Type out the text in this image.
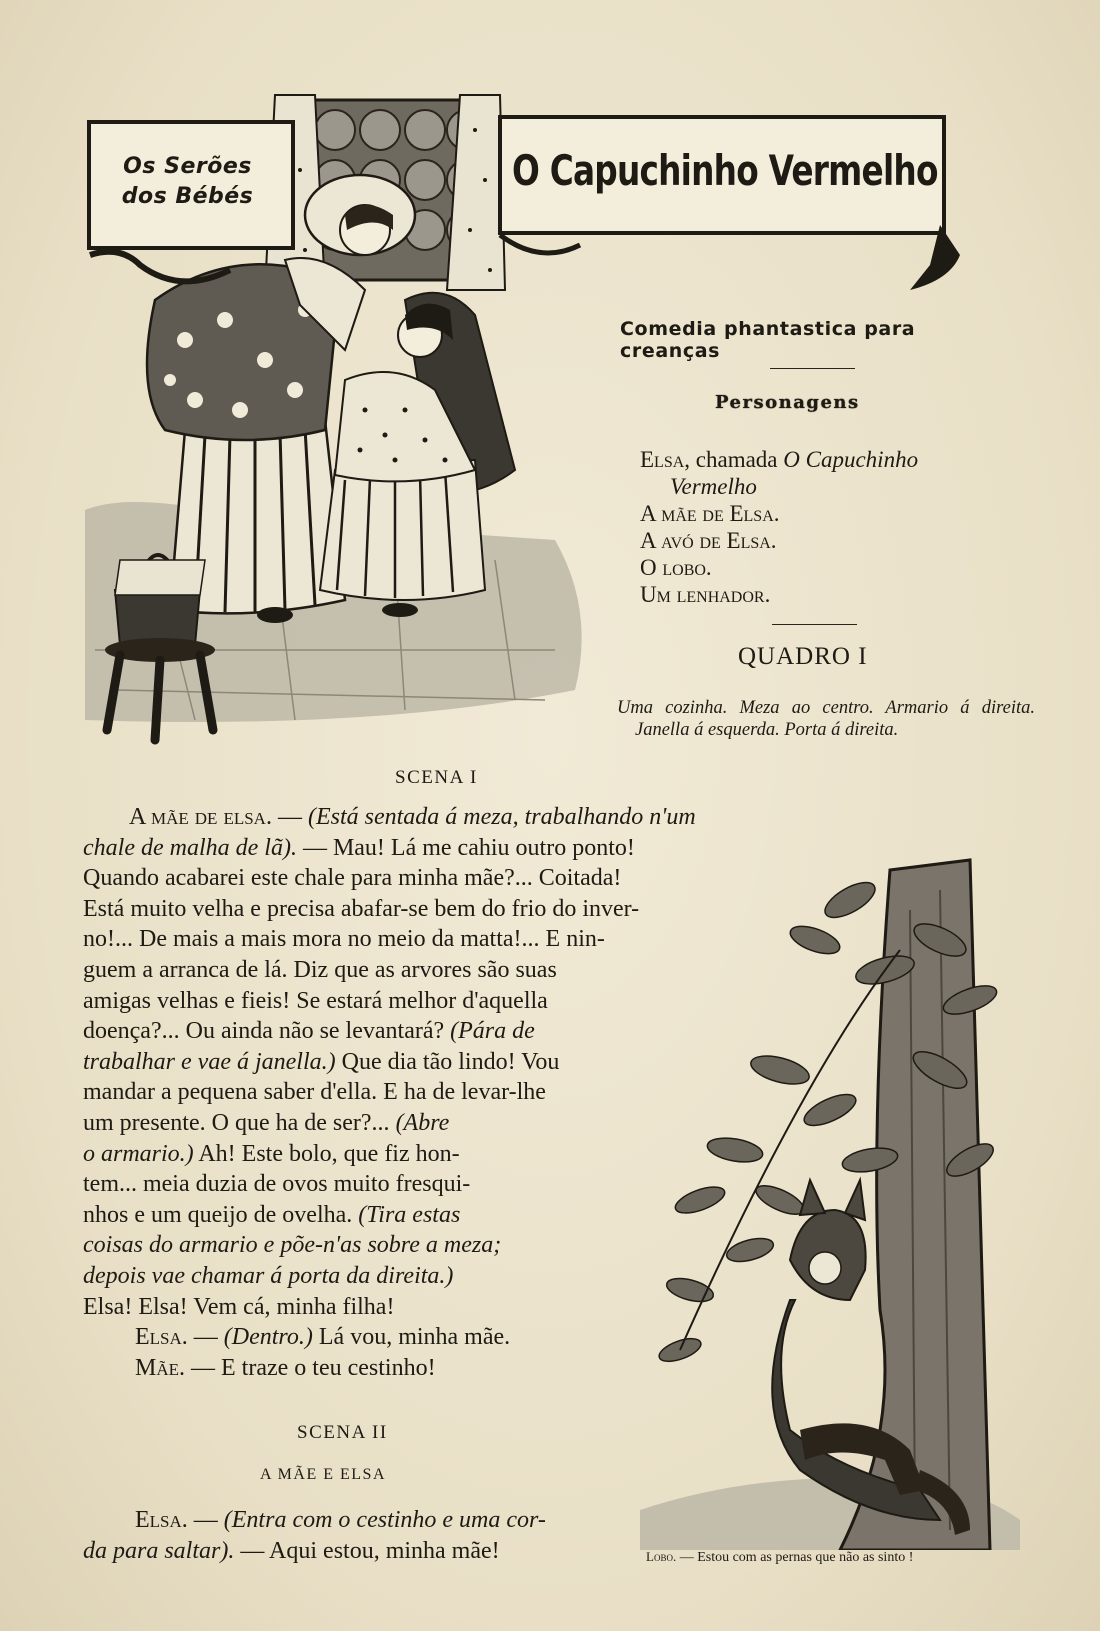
Os Serões
dos Bébés
O Capuchinho Vermelho
Comedia phantastica para creanças
Personagens
Elsa, chamada O Capuchinho
Vermelho
A mãe de Elsa.
A avó de Elsa.
O lobo.
Um lenhador.
QUADRO I
Uma cozinha. Meza ao centro. Armario á direita. Janella á esquerda. Porta á direita.
SCENA I
A mãe de elsa. — (Está sentada á meza, trabalhando n'um
chale de malha de lã). — Mau! Lá me cahiu outro ponto!
Quando acabarei este chale para minha mãe?... Coitada!
Está muito velha e precisa abafar-se bem do frio do inver-
no!... De mais a mais mora no meio da matta!... E nin-
guem a arranca de lá. Diz que as arvores são suas
amigas velhas e fieis! Se estará melhor d'aquella
doença?... Ou ainda não se levantará? (Pára de
trabalhar e vae á janella.) Que dia tão lindo! Vou
mandar a pequena saber d'ella. E ha de levar-lhe
um presente. O que ha de ser?... (Abre
o armario.) Ah! Este bolo, que fiz hon-
tem... meia duzia de ovos muito fresqui-
nhos e um queijo de ovelha. (Tira estas
coisas do armario e põe-n'as sobre a meza;
depois vae chamar á porta da direita.)
Elsa! Elsa! Vem cá, minha filha!
Elsa. — (Dentro.) Lá vou, minha mãe.
Mãe. — E traze o teu cestinho!
SCENA II
A MÃE E ELSA
Elsa. — (Entra com o cestinho e uma cor-
da para saltar). — Aqui estou, minha mãe!	Lobo. — Estou com as pernas que não as sinto !
